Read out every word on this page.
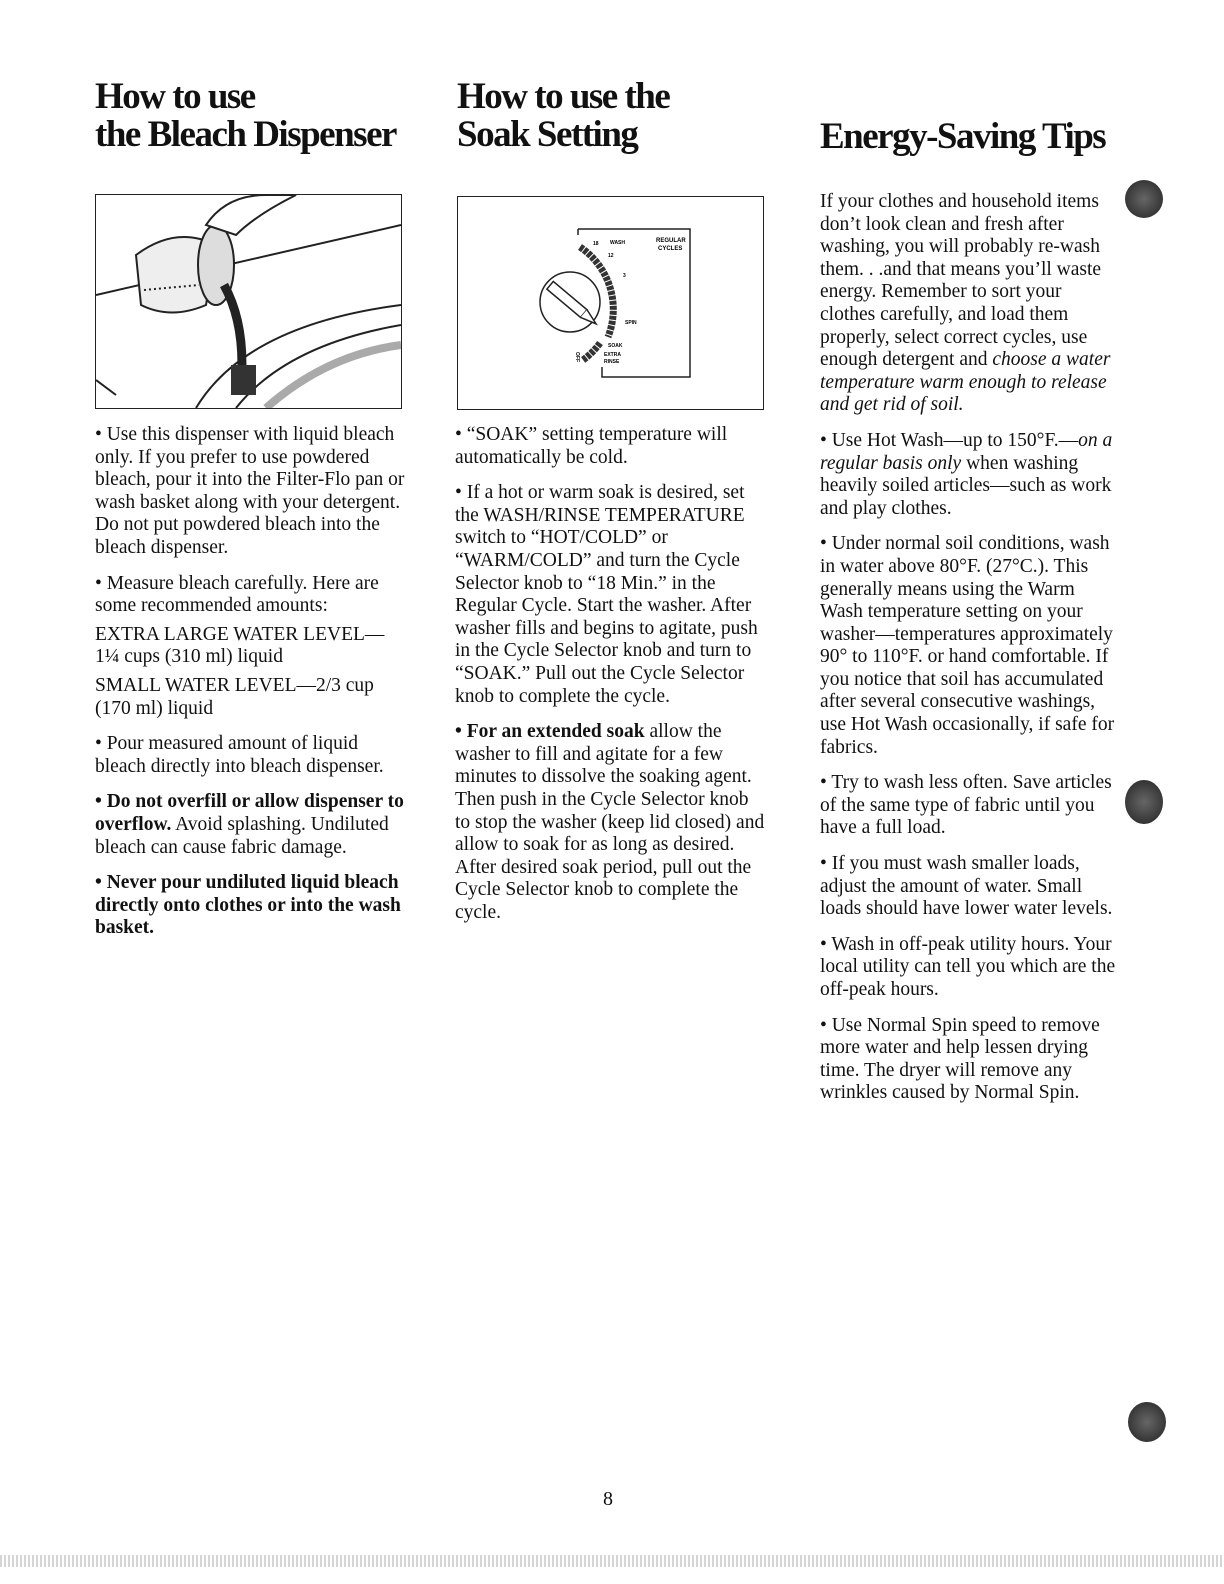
How to use
the Bleach Dispenser

• Use this dispenser with liquid bleach only. If you prefer to use powdered bleach, pour it into the Filter-Flo pan or wash basket along with your detergent. Do not put powdered bleach into the bleach dispenser.

• Measure bleach carefully. Here are some recommended amounts:

EXTRA LARGE WATER LEVEL—1¼ cups (310 ml) liquid

SMALL WATER LEVEL—2/3 cup (170 ml) liquid

• Pour measured amount of liquid bleach directly into bleach dispenser.

• Do not overfill or allow dispenser to overflow. Avoid splashing. Undiluted bleach can cause fabric damage.

• Never pour undiluted liquid bleach directly onto clothes or into the wash basket.

How to use the
Soak Setting
18 WASH	REGULAR
CYCLES
12
3
SPIN
SOAK
EXTRA
RINSE
OFF

• “SOAK” setting temperature will automatically be cold.

• If a hot or warm soak is desired, set the WASH/RINSE TEMPERATURE switch to “HOT/COLD” or “WARM/COLD” and turn the Cycle Selector knob to “18 Min.” in the Regular Cycle. Start the washer. After washer fills and begins to agitate, push in the Cycle Selector knob and turn to “SOAK.” Pull out the Cycle Selector knob to complete the cycle.

• For an extended soak allow the washer to fill and agitate for a few minutes to dissolve the soaking agent. Then push in the Cycle Selector knob to stop the washer (keep lid closed) and allow to soak for as long as desired. After desired soak period, pull out the Cycle Selector knob to complete the cycle.

Energy-Saving Tips

If your clothes and household items don’t look clean and fresh after washing, you will probably re-wash them. . .and that means you’ll waste energy. Remember to sort your clothes carefully, and load them properly, select correct cycles, use enough detergent and choose a water temperature warm enough to release and get rid of soil.

• Use Hot Wash—up to 150°F.—on a regular basis only when washing heavily soiled articles—such as work and play clothes.

• Under normal soil conditions, wash in water above 80°F. (27°C.). This generally means using the Warm Wash temperature setting on your washer—temperatures approximately 90° to 110°F. or hand comfortable. If you notice that soil has accumulated after several consecutive washings, use Hot Wash occasionally, if safe for fabrics.

• Try to wash less often. Save articles of the same type of fabric until you have a full load.

• If you must wash smaller loads, adjust the amount of water. Small loads should have lower water levels.

• Wash in off-peak utility hours. Your local utility can tell you which are the off-peak hours.

• Use Normal Spin speed to remove more water and help lessen drying time. The dryer will remove any wrinkles caused by Normal Spin.

8
